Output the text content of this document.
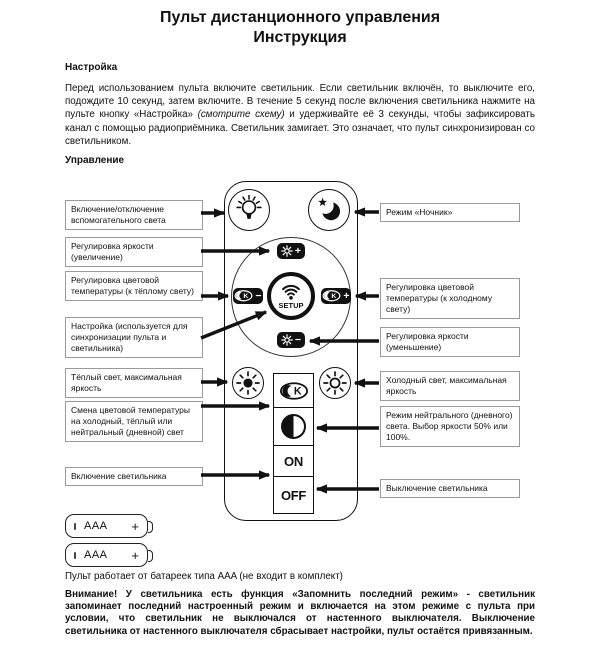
Пульт дистанционного управления
Инструкция
Настройка

Перед использованием пульта включите светильник. Если светильник включён, то выключите его, подождите 10 секунд, затем включите. В течение 5 секунд после включения светильника нажмите на пульте кнопку «Настройка» (смотрите схему) и удерживайте её 3 секунды, чтобы зафиксировать канал с помощью радиоприёмника. Светильник замигает. Это означает, что пульт синхронизирован со светильником.

Управление
+
K −	K +
−
SETUP
K
ON
OFF
Включение/отключение вспомогательного света
Регулировка яркости (увеличение)
Регулировка цветовой температуры (к тёплому свету)
Настройка (используется для синхронизации пульта и светильника)
Тёплый свет, максимальная яркость
Смена цветовой температуры на холодный, тёплый или нейтральный (дневной) свет
Включение светильника
Режим «Ночник»
Регулировка цветовой температуры (к холодному свету)
Регулировка яркости (уменьшение)
Холодный свет, максимальная яркость
Режим нейтрального (дневного) света. Выбор яркости 50% или 100%.
Выключение светильника
AAA +
AAA +

Пульт работает от батареек типа AAA (не входит в комплект)

Внимание! У светильника есть функция «Запомнить последний режим» - светильник запоминает последний настроенный режим и включается на этом режиме с пульта при условии, что светильник не выключался от настенного выключателя. Выключение светильника от настенного выключателя сбрасывает настройки, пульт остаётся привязанным.
